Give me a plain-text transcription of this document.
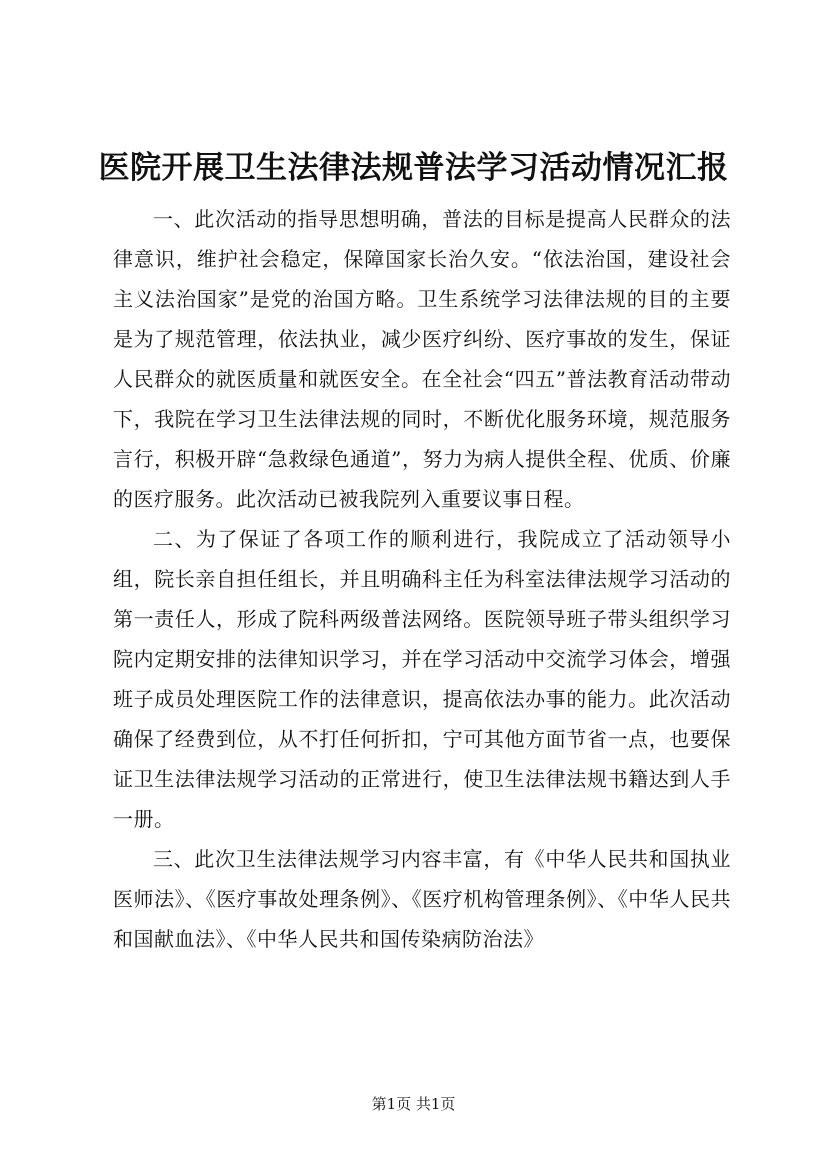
医院开展卫生法律法规普法学习活动情况汇报

一、此次活动的指导思想明确，普法的目标是提高人民群众的法律意识，维护社会稳定，保障国家长治久安。“依法治国，建设社会主义法治国家”是党的治国方略。卫生系统学习法律法规的目的主要是为了规范管理，依法执业，减少医疗纠纷、医疗事故的发生，保证人民群众的就医质量和就医安全。在全社会“四五”普法教育活动带动下，我院在学习卫生法律法规的同时，不断优化服务环境，规范服务言行，积极开辟“急救绿色通道”，努力为病人提供全程、优质、价廉的医疗服务。此次活动已被我院列入重要议事日程。

二、为了保证了各项工作的顺利进行，我院成立了活动领导小组，院长亲自担任组长，并且明确科主任为科室法律法规学习活动的第一责任人，形成了院科两级普法网络。医院领导班子带头组织学习院内定期安排的法律知识学习，并在学习活动中交流学习体会，增强班子成员处理医院工作的法律意识，提高依法办事的能力。此次活动确保了经费到位，从不打任何折扣，宁可其他方面节省一点，也要保证卫生法律法规学习活动的正常进行，使卫生法律法规书籍达到人手一册。

三、此次卫生法律法规学习内容丰富，有《中华人民共和国执业医师法》、《医疗事故处理条例》、《医疗机构管理条例》、《中华人民共和国献血法》、《中华人民共和国传染病防治法》

第1页 共1页
